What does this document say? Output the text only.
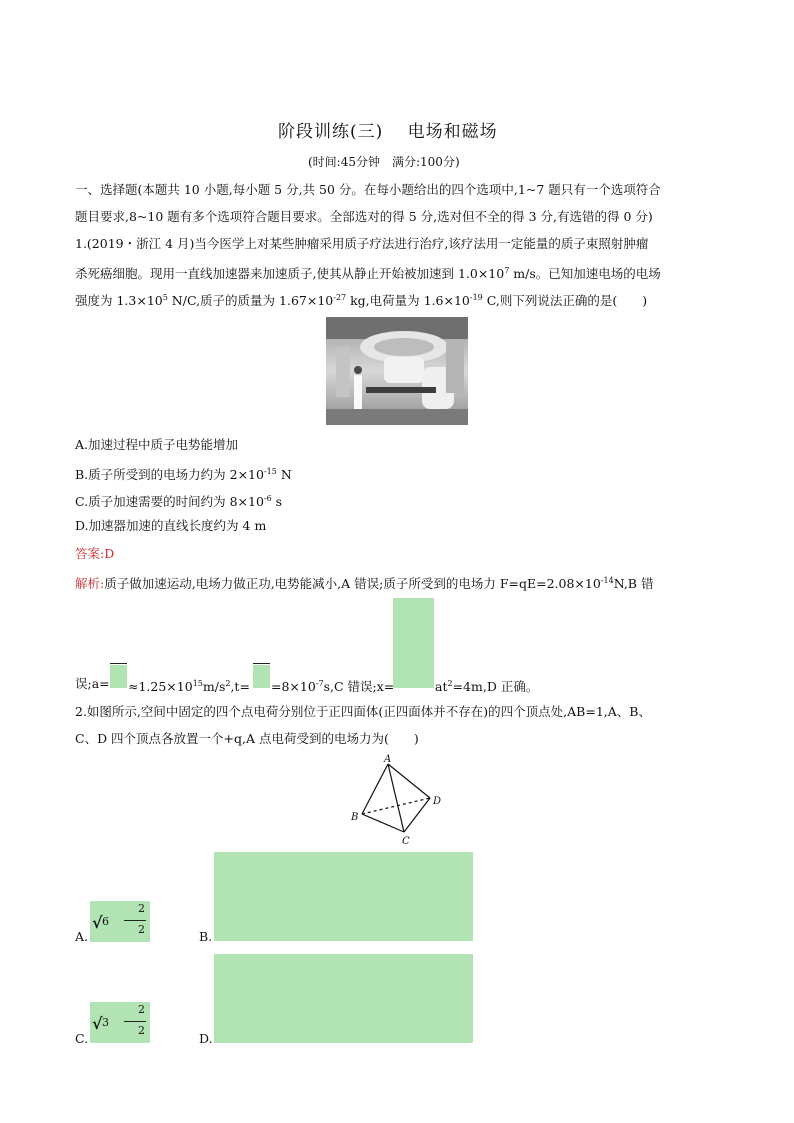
阶段训练(三)　 电场和磁场
(时间:45分钟　满分:100分)
一、选择题(本题共 10 小题,每小题 5 分,共 50 分。在每小题给出的四个选项中,1~7 题只有一个选项符合
题目要求,8~10 题有多个选项符合题目要求。全部选对的得 5 分,选对但不全的得 3 分,有选错的得 0 分)
1.(2019・浙江 4 月)当今医学上对某些肿瘤采用质子疗法进行治疗,该疗法用一定能量的质子束照射肿瘤
杀死癌细胞。现用一直线加速器来加速质子,使其从静止开始被加速到 $1.0\times 10^7$ m/s。已知加速电场的电场
强度为 $1.3\times 10^5$ N/C,质子的质量为 $1.67\times 10^{-27}$ kg,电荷量为 $1.6\times 10^{-19}$ C,则下列说法正确的是(　　)
A.加速过程中质子电势能增加
B.质子所受到的电场力约为 $2\times 10^{-15}$ N
C.质子加速需要的时间约为 $8\times 10^{-6}$ s
D.加速器加速的直线长度约为 4 m
答案:D
解析:质子做加速运动,电场力做正功,电势能减小,A 错误;质子所受到的电场力 $F=qE=2.08\times 10^{-14}N,B$ 错
误;a= $\approx 1.25\times 10^{15}m/s^2,t= =8\times 10^{-7}s,C$ 错误;x=	$at^2=4m,D$ 正确。
2.如图所示,空间中固定的四个点电荷分别位于正四面体(正四面体并不存在)的四个顶点处,AB=1,A、B、
C、D 四个顶点各放置一个+q,A 点电荷受到的电场力为(　　)
A
B
C
D
A.
√ 6
2
2	B.
C.
√ 3
2
2
D.
